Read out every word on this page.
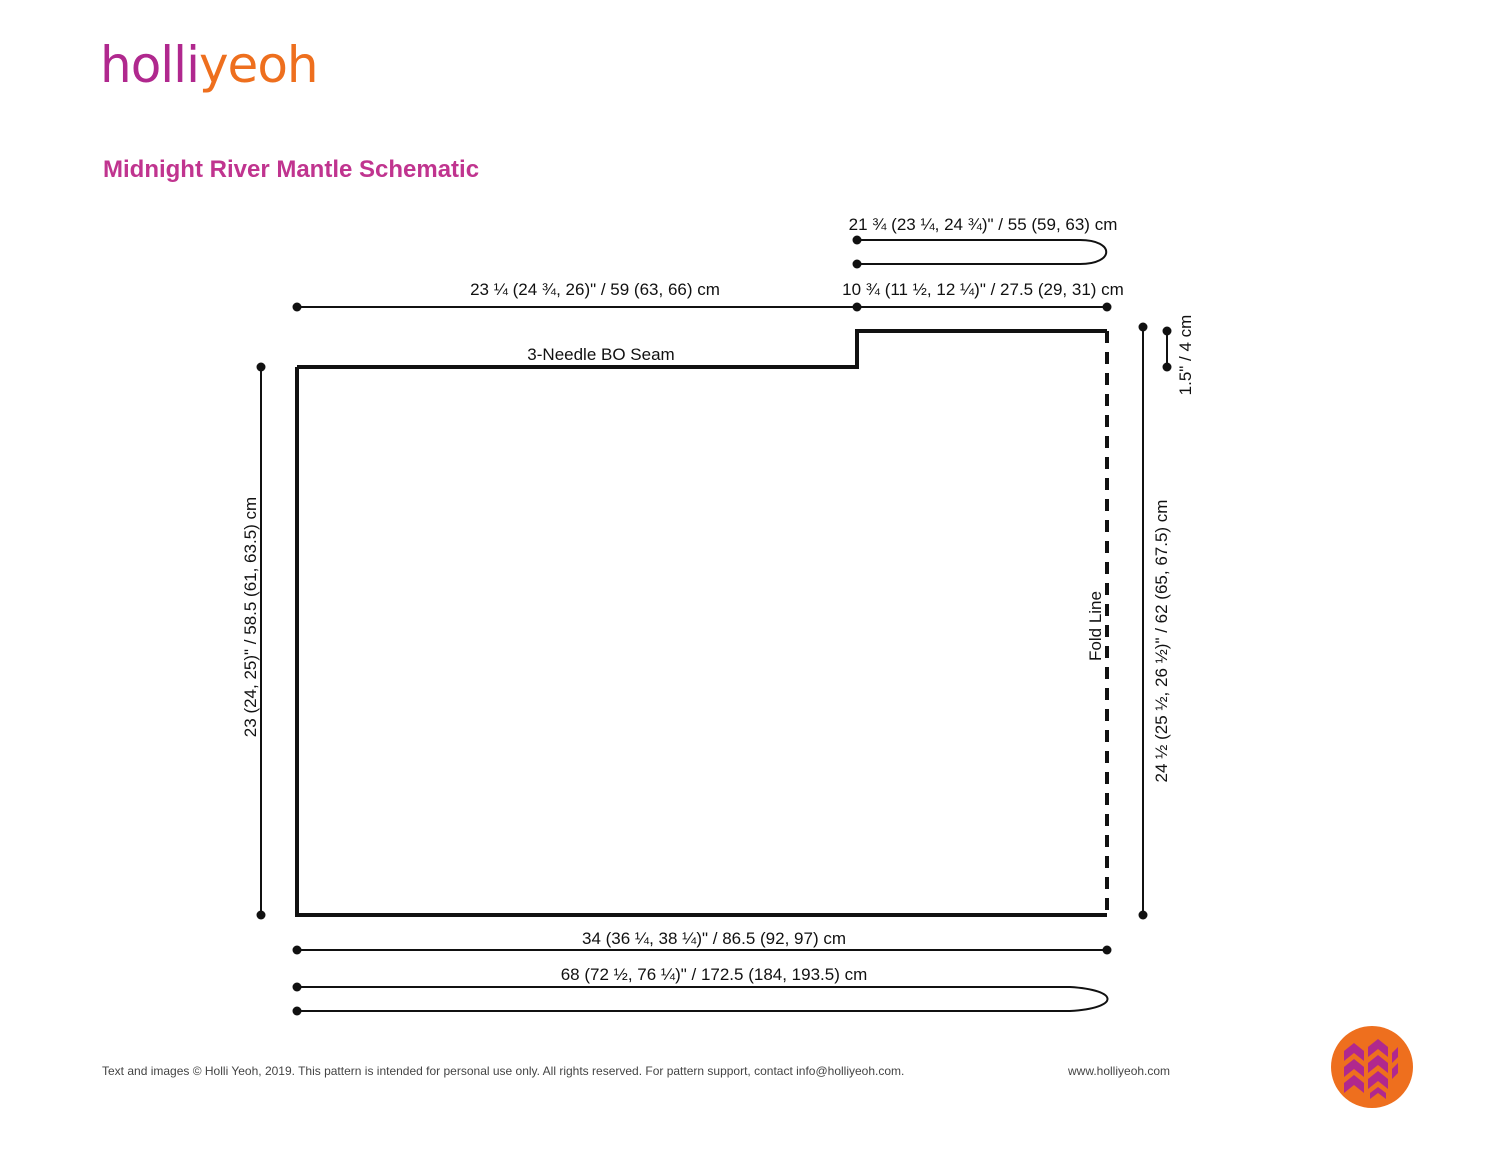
holliyeoh
Midnight River Mantle Schematic
21 ¾ (23 ¼, 24 ¾)" / 55 (59, 63) cm
23 ¼ (24 ¾, 26)" / 59 (63, 66) cm	10 ¾ (11 ½, 12 ¼)" / 27.5 (29, 31) cm
3-Needle BO Seam	1.5" / 4 cm
23 (24, 25)" / 58.5 (61, 63.5) cm	24 ½ (25 ½, 26 ½)" / 62 (65, 67.5) cm
Fold Line
34 (36 ¼, 38 ¼)" / 86.5 (92, 97) cm
68 (72 ½, 76 ¼)" / 172.5 (184, 193.5) cm
Text and images © Holli Yeoh, 2019. This pattern is intended for personal use only. All rights reserved. For pattern support, contact info@holliyeoh.com.	www.holliyeoh.com
